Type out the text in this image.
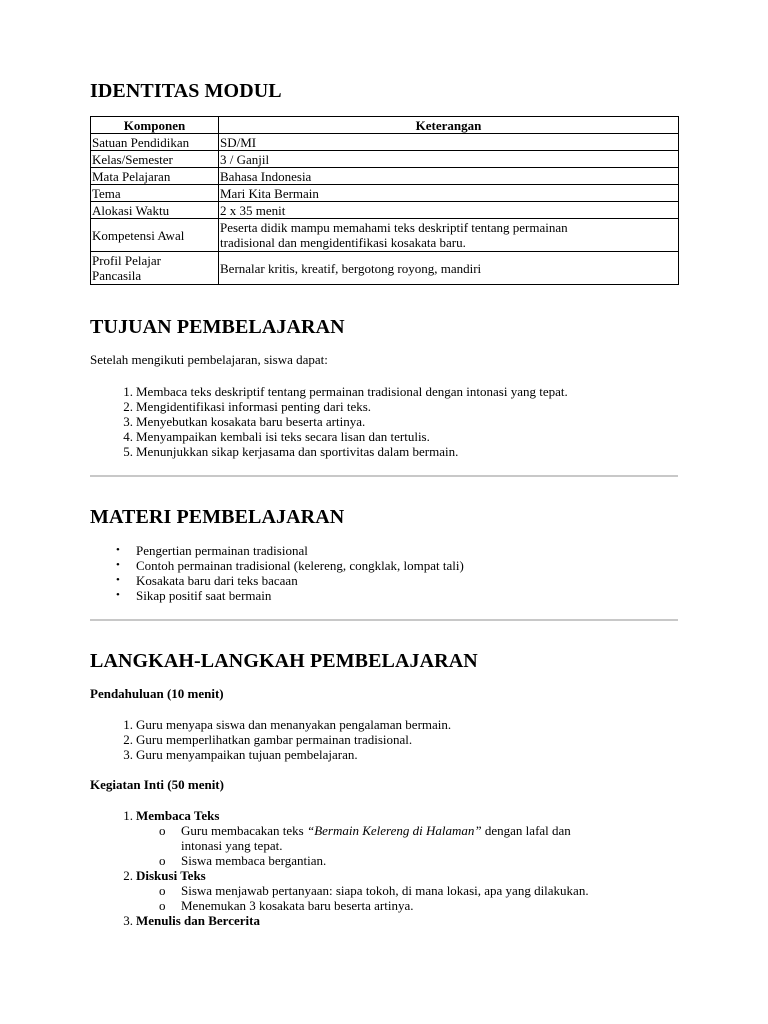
IDENTITAS MODUL
Komponen	Keterangan
Satuan Pendidikan	SD/MI
Kelas/Semester	3 / Ganjil
Mata Pelajaran	Bahasa Indonesia
Tema	Mari Kita Bermain
Alokasi Waktu	2 x 35 menit
Kompetensi Awal	Peserta didik mampu memahami teks deskriptif tentang permainan
tradisional dan mengidentifikasi kosakata baru.

Profil Pelajar
Pancasila	Bernalar kritis, kreatif, bergotong royong, mandiri
TUJUAN PEMBELAJARAN

Setelah mengikuti pembelajaran, siswa dapat:

1. Membaca teks deskriptif tentang permainan tradisional dengan intonasi yang tepat.
2. Mengidentifikasi informasi penting dari teks.
3. Menyebutkan kosakata baru beserta artinya.
4. Menyampaikan kembali isi teks secara lisan dan tertulis.
5. Menunjukkan sikap kerjasama dan sportivitas dalam bermain.
MATERI PEMBELAJARAN
• Pengertian permainan tradisional
• Contoh permainan tradisional (kelereng, congklak, lompat tali)
• Kosakata baru dari teks bacaan
• Sikap positif saat bermain
LANGKAH-LANGKAH PEMBELAJARAN

Pendahuluan (10 menit)

1. Guru menyapa siswa dan menanyakan pengalaman bermain.
2. Guru memperlihatkan gambar permainan tradisional.
3. Guru menyampaikan tujuan pembelajaran.

Kegiatan Inti (50 menit)

1. Membaca Teks
o Guru membacakan teks “Bermain Kelereng di Halaman” dengan lafal dan
intonasi yang tepat.
o Siswa membaca bergantian.
2. Diskusi Teks
o Siswa menjawab pertanyaan: siapa tokoh, di mana lokasi, apa yang dilakukan.
o Menemukan 3 kosakata baru beserta artinya.
3. Menulis dan Bercerita
